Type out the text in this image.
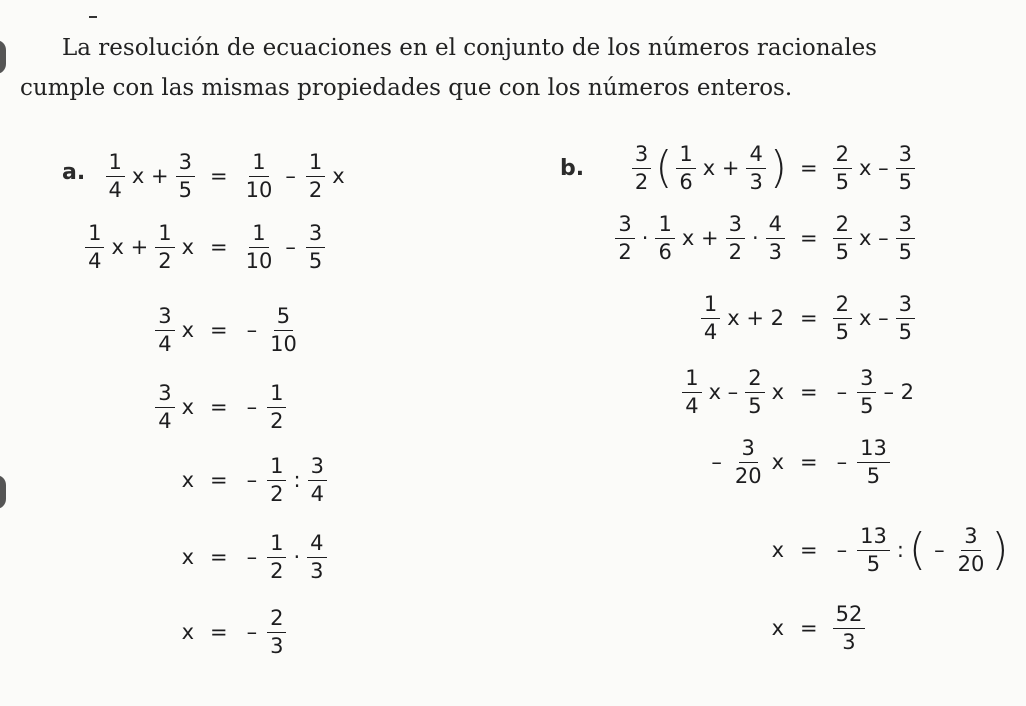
La resolución de ecuaciones en el conjunto de los números racionales
cumple con las mismas propiedades que con los números enteros.
a.	b.
$\frac{1}{4}$ $x + \frac{3}{5} = \frac{1}{10} - \frac{1}{2}$ x
$\frac{1}{4}$ $x + \frac{1}{2}$ $x = \frac{1}{10} - \frac{3}{5}$
$\frac{3}{4}$ x = – $\frac{5}{10}$
$\frac{3}{4}$ x = – $\frac{1}{2}$
x = – $\frac{1}{2}$ : $\frac{3}{4}$
x = – $\frac{1}{2} \cdot \frac{4}{3}$
x = – $\frac{2}{3}$
$\frac{3}{2}$ ( $\frac{1}{6}$ $x + \frac{4}{3}$ ) = $\frac{2}{5}$ x – $\frac{3}{5}$
$\frac{3}{2} \cdot \frac{1}{6}$ $x + \frac{3}{2} \cdot \frac{4}{3} = \frac{2}{5}$ x – $\frac{3}{5}$
$\frac{1}{4}$ $x + 2 = \frac{2}{5}$ x – $\frac{3}{5}$
$\frac{1}{4}$ x – $\frac{2}{5}$ x = – $\frac{3}{5} - 2$
– $\frac{3}{20}$ x = – $\frac{13}{5}$
x = – $\frac{13}{5}$ : ( – $\frac{3}{20}$ )
$x = \frac{52}{3}$
